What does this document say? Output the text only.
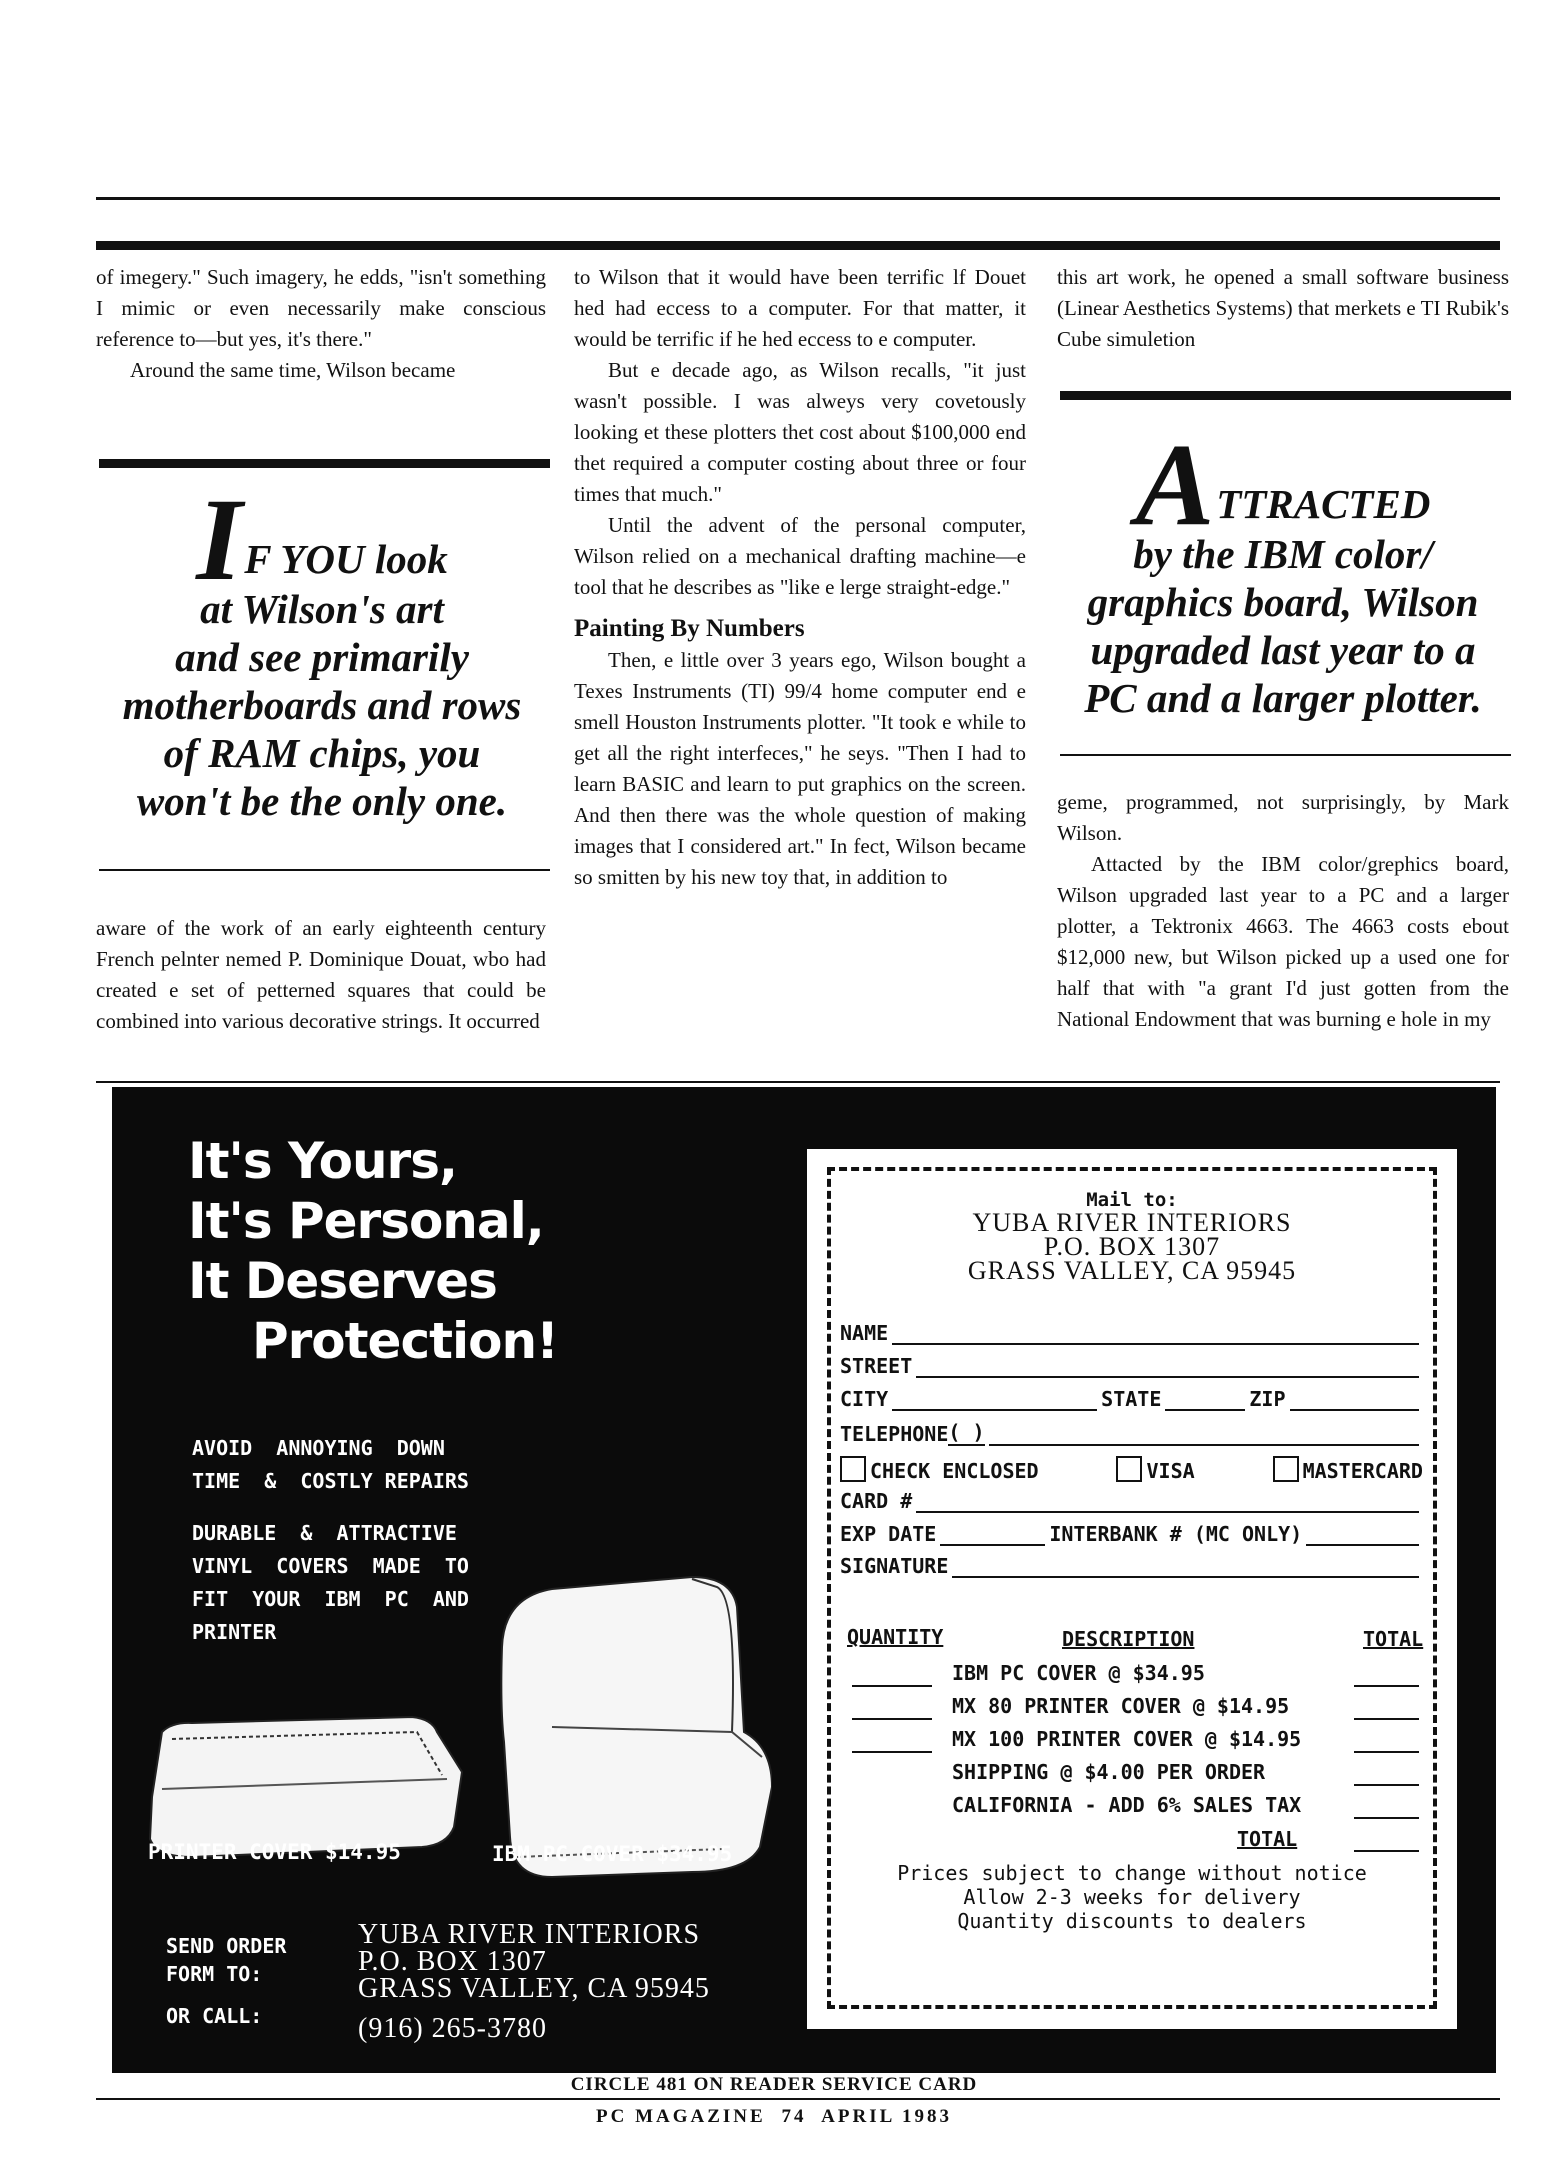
of imegery." Such imagery, he edds, "isn't something I mimic or even necessarily make conscious reference to—but yes, it's there."

Around the same time, Wilson became

IF YOU look
at Wilson's art
and see primarily
motherboards and rows
of RAM chips, you
won't be the only one.

aware of the work of an early eighteenth century French pelnter nemed P. Dominique Douat, wbo had created e set of petterned squares that could be combined into various decorative strings. It occurred

to Wilson that it would have been terrific lf Douet hed had eccess to a computer. For that matter, it would be terrific if he hed eccess to e computer.

But e decade ago, as Wilson recalls, "it just wasn't possible. I was alweys very covetously looking et these plotters thet cost about $100,000 end thet required a computer costing about three or four times that much."

Until the advent of the personal computer, Wilson relied on a mechanical drafting machine—e tool that he describes as "like e lerge straight-edge."

Painting By Numbers

Then, e little over 3 years ego, Wilson bought a Texes Instruments (TI) 99/4 home computer end e smell Houston Instruments plotter. "It took e while to get all the right interfeces," he seys. "Then I had to learn BASIC and learn to put graphics on the screen. And then there was the whole question of making images that I considered art." In fect, Wilson became so smitten by his new toy that, in addition to

this art work, he opened a small software business (Linear Aesthetics Systems) that merkets e TI Rubik's Cube simuletion

ATTRACTED
by the IBM color/
graphics board, Wilson
upgraded last year to a
PC and a larger plotter.

geme, programmed, not surprisingly, by Mark Wilson.

Attacted by the IBM color/grephics board, Wilson upgraded last year to a PC and a larger plotter, a Tektronix 4663. The 4663 costs ebout $12,000 new, but Wilson picked up a used one for half that with "a grant I'd just gotten from the National Endowment that was burning e hole in my

It's Yours,
It's Personal,
It Deserves
Protection!
AVOID  ANNOYING  DOWN
TIME  &  COSTLY REPAIRS
DURABLE  &  ATTRACTIVE
VINYL  COVERS  MADE  TO
FIT  YOUR  IBM  PC  AND
PRINTER
PRINTER COVER $14.95	IBM PC COVER $34.95
SEND ORDER
FORM TO:
OR CALL:
YUBA RIVER INTERIORS
P.O. BOX 1307
GRASS VALLEY, CA 95945
(916) 265-3780
Mail to:
YUBA RIVER INTERIORS
P.O. BOX 1307
GRASS VALLEY, CA 95945
NAME
STREET
CITY	STATE	ZIP
TELEPHONE ( )
CHECK ENCLOSED	VISA	MASTERCARD
CARD #
EXP DATE	INTERBANK # (MC ONLY)
SIGNATURE
QUANTITY	DESCRIPTION	TOTAL
IBM PC COVER @ $34.95
MX 80 PRINTER COVER @ $14.95
MX 100 PRINTER COVER @ $14.95
SHIPPING @ $4.00 PER ORDER
CALIFORNIA - ADD 6% SALES TAX
TOTAL
Prices subject to change without notice
Allow 2-3 weeks for delivery
Quantity discounts to dealers
CIRCLE 481 ON READER SERVICE CARD
PC MAGAZINE 74 APRIL 1983
